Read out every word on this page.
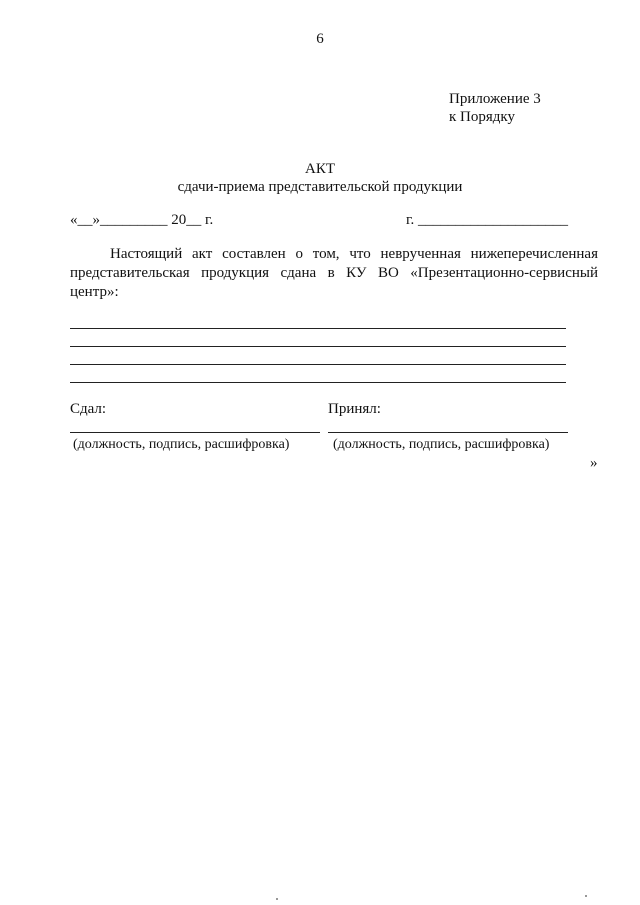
6
Приложение 3
к Порядку
АКТ
сдачи-приема представительской продукции
«__»_________ 20__ г.	г. ____________________
Настоящий акт составлен о том, что неврученная нижеперечисленная представительская продукция сдана в КУ ВО «Презентационно-сервисный центр»:
Сдал:	Принял:
(должность, подпись, расшифровка)	(должность, подпись, расшифровка)
»
